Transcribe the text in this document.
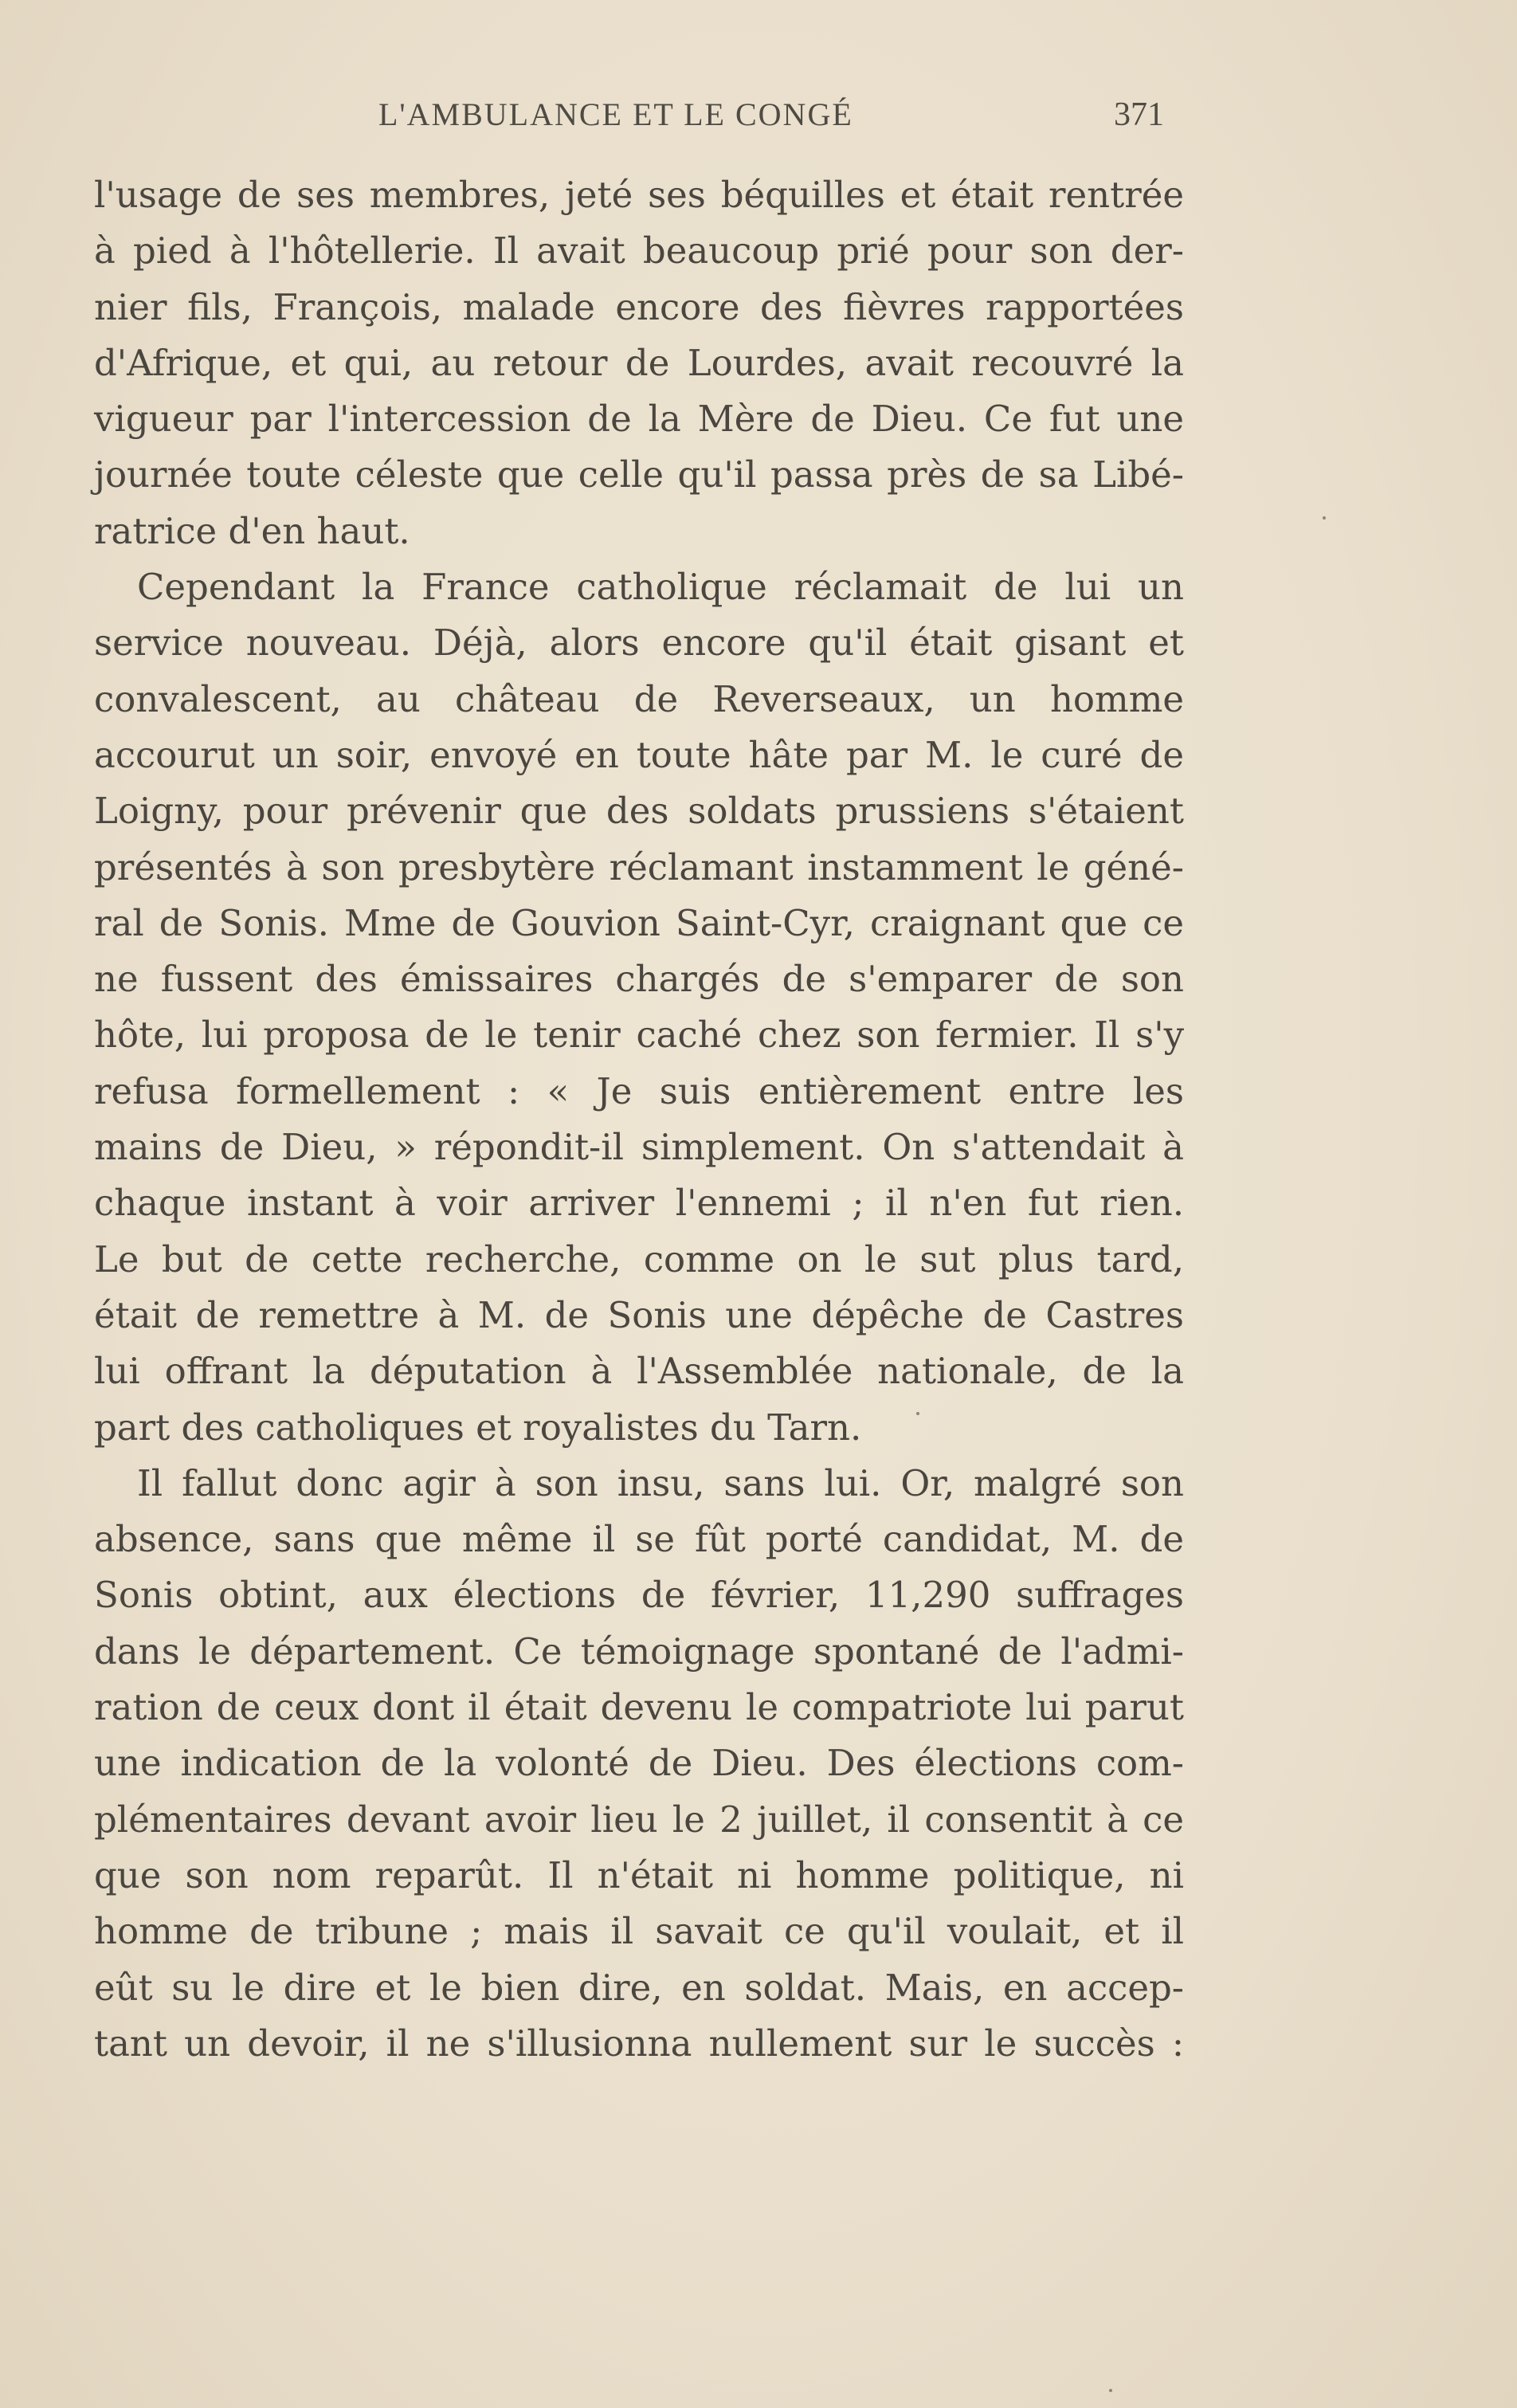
L'AMBULANCE ET LE CONGÉ	371
l'usage de ses membres, jeté ses béquilles et était rentrée
à pied à l'hôtellerie. Il avait beaucoup prié pour son der-
nier fils, François, malade encore des fièvres rapportées
d'Afrique, et qui, au retour de Lourdes, avait recouvré la
vigueur par l'intercession de la Mère de Dieu. Ce fut une
journée toute céleste que celle qu'il passa près de sa Libé-
ratrice d'en haut.
Cependant la France catholique réclamait de lui un
service nouveau. Déjà, alors encore qu'il était gisant et
convalescent, au château de Reverseaux, un homme
accourut un soir, envoyé en toute hâte par M. le curé de
Loigny, pour prévenir que des soldats prussiens s'étaient
présentés à son presbytère réclamant instamment le géné-
ral de Sonis. Mme de Gouvion Saint-Cyr, craignant que ce
ne fussent des émissaires chargés de s'emparer de son
hôte, lui proposa de le tenir caché chez son fermier. Il s'y
refusa formellement : « Je suis entièrement entre les
mains de Dieu, » répondit-il simplement. On s'attendait à
chaque instant à voir arriver l'ennemi ; il n'en fut rien.
Le but de cette recherche, comme on le sut plus tard,
était de remettre à M. de Sonis une dépêche de Castres
lui offrant la députation à l'Assemblée nationale, de la
part des catholiques et royalistes du Tarn.
Il fallut donc agir à son insu, sans lui. Or, malgré son
absence, sans que même il se fût porté candidat, M. de
Sonis obtint, aux élections de février, 11,290 suffrages
dans le département. Ce témoignage spontané de l'admi-
ration de ceux dont il était devenu le compatriote lui parut
une indication de la volonté de Dieu. Des élections com-
plémentaires devant avoir lieu le 2 juillet, il consentit à ce
que son nom reparût. Il n'était ni homme politique, ni
homme de tribune ; mais il savait ce qu'il voulait, et il
eût su le dire et le bien dire, en soldat. Mais, en accep-
tant un devoir, il ne s'illusionna nullement sur le succès :
